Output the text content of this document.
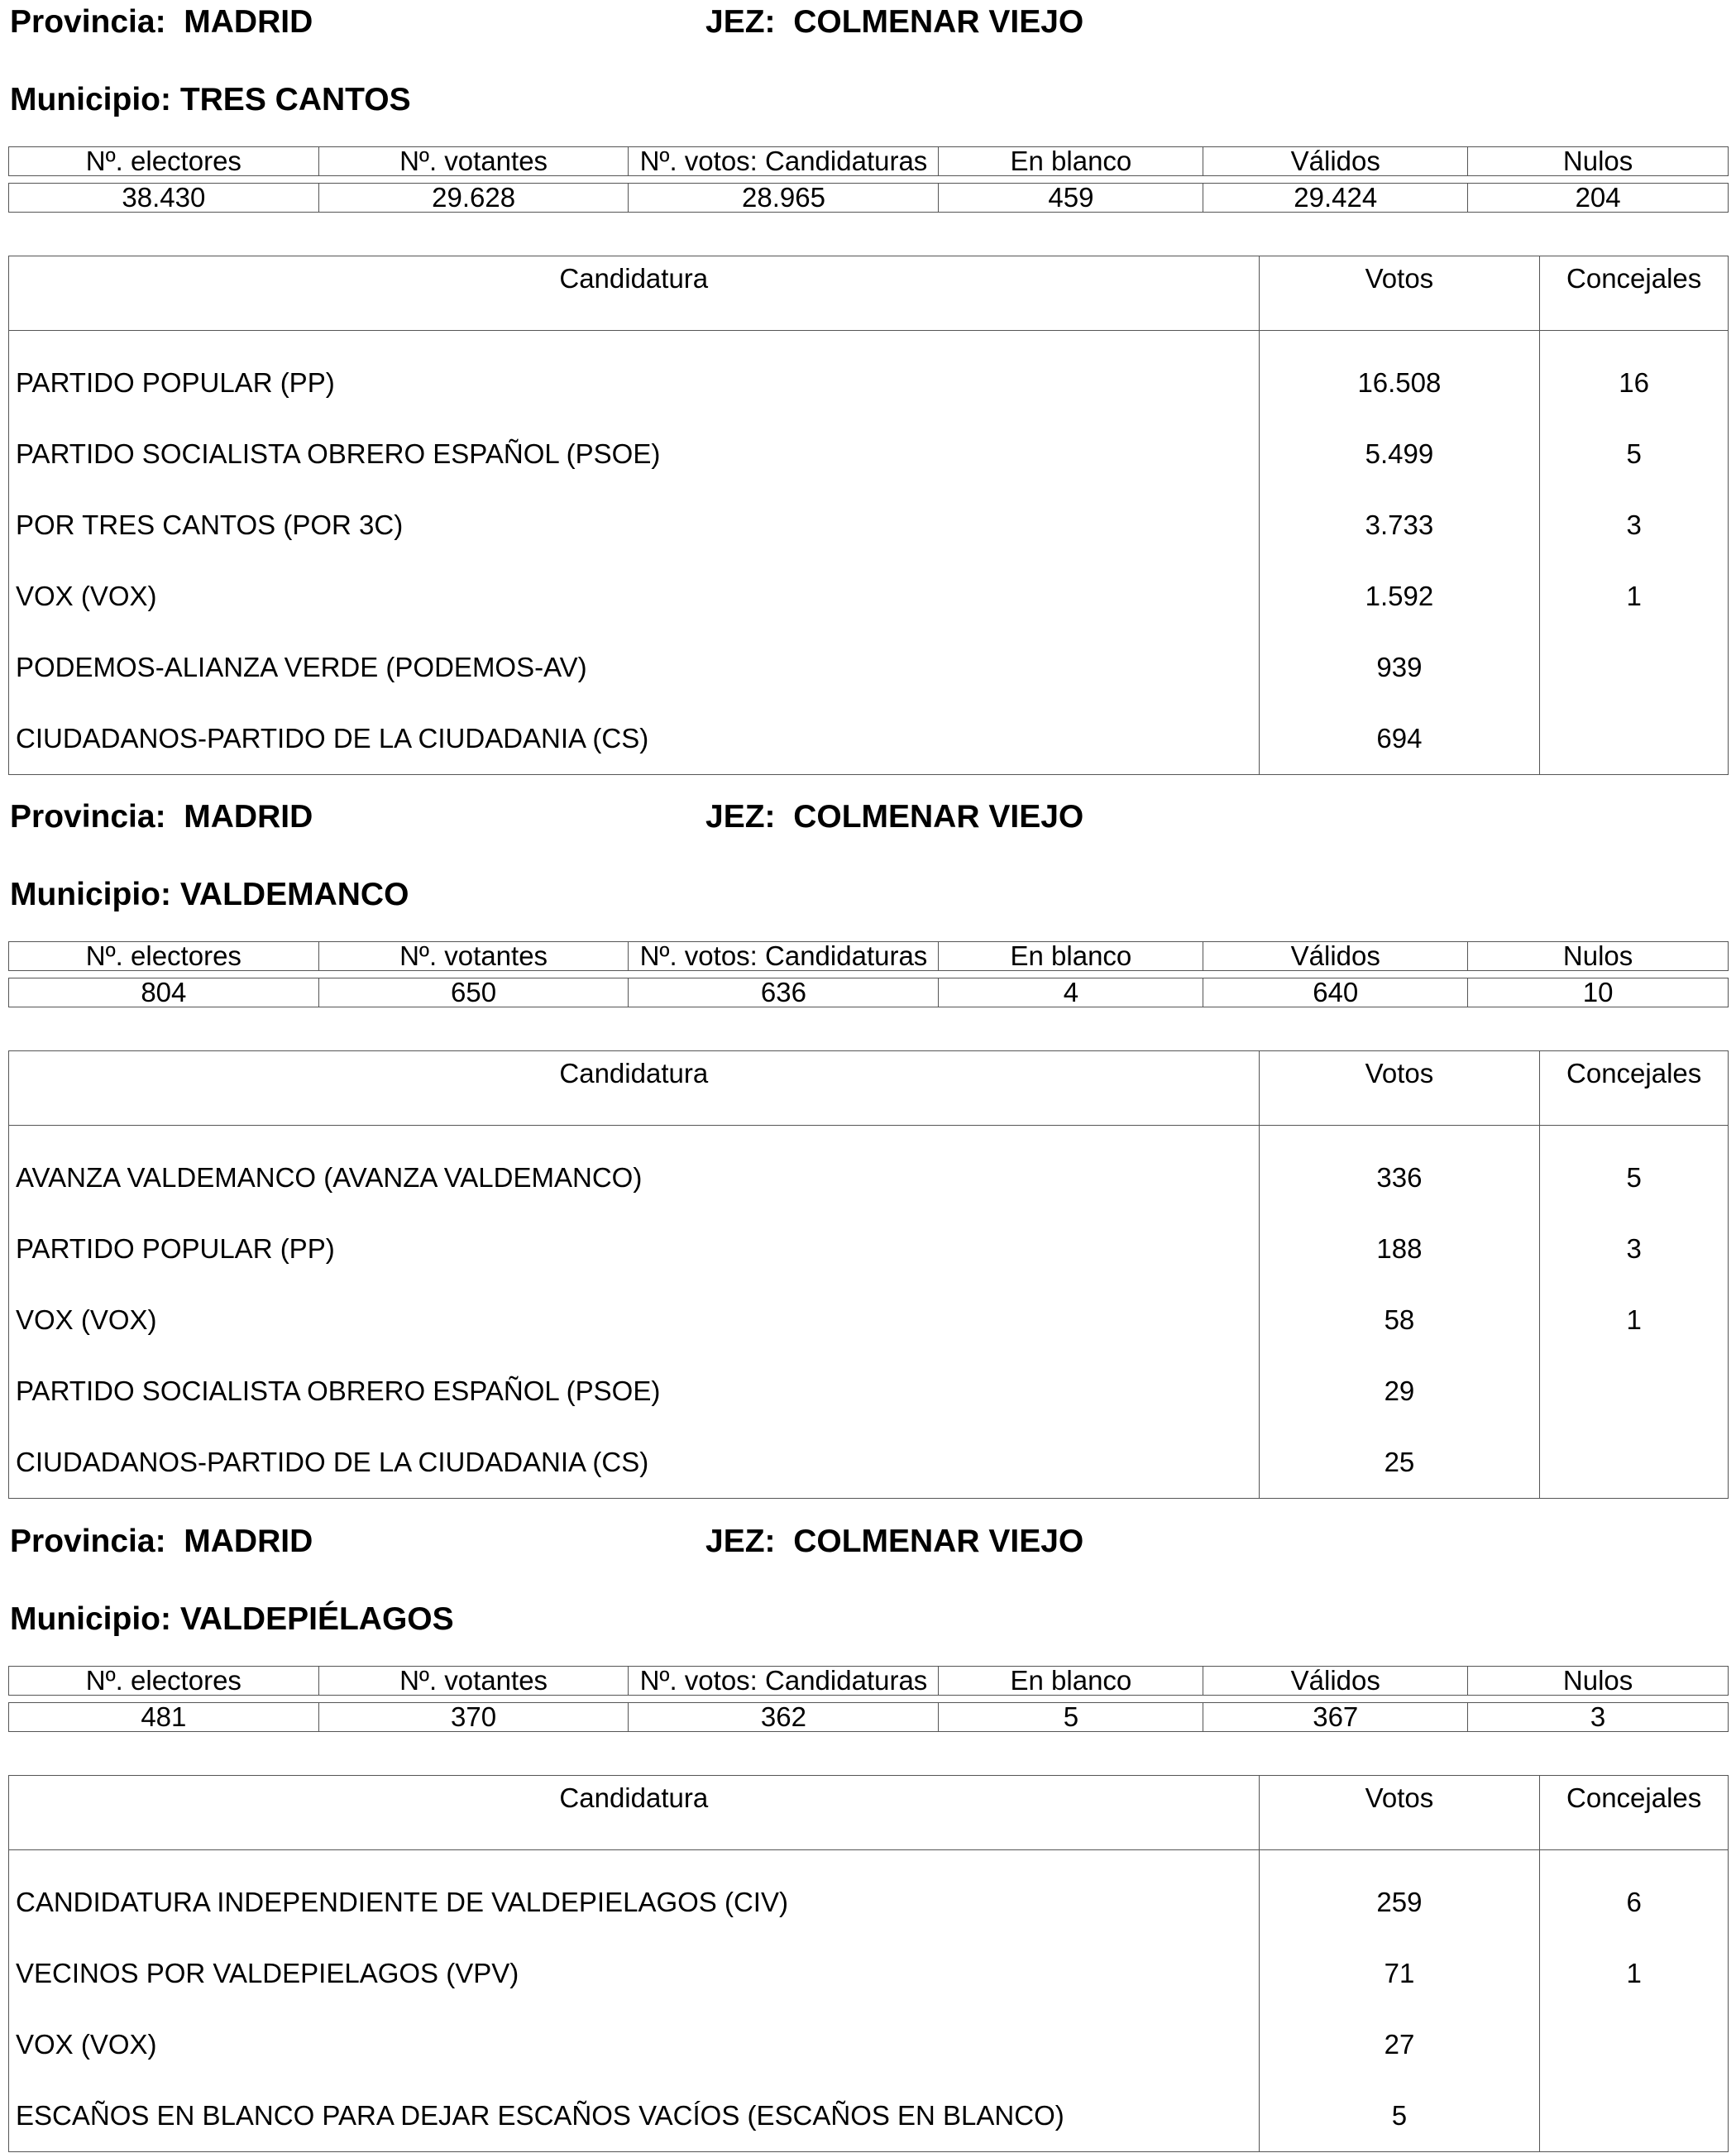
Provincia: MADRID	JEZ: COLMENAR VIEJO
Municipio: TRES CANTOS
Nº. electores	Nº. votantes	Nº. votos: Candidaturas	En blanco	Válidos	Nulos
38.430	29.628	28.965	459	29.424	204
Candidatura	Votos	Concejales
PARTIDO POPULAR (PP)	16.508	16
PARTIDO SOCIALISTA OBRERO ESPAÑOL (PSOE)	5.499	5
POR TRES CANTOS (POR 3C)	3.733	3
VOX (VOX)	1.592	1
PODEMOS-ALIANZA VERDE (PODEMOS-AV)	939	
CIUDADANOS-PARTIDO DE LA CIUDADANIA (CS)	694	
Provincia: MADRID	JEZ: COLMENAR VIEJO
Municipio: VALDEMANCO
Nº. electores	Nº. votantes	Nº. votos: Candidaturas	En blanco	Válidos	Nulos
804	650	636	4	640	10
Candidatura	Votos	Concejales
AVANZA VALDEMANCO (AVANZA VALDEMANCO)	336	5
PARTIDO POPULAR (PP)	188	3
VOX (VOX)	58	1
PARTIDO SOCIALISTA OBRERO ESPAÑOL (PSOE)	29	
CIUDADANOS-PARTIDO DE LA CIUDADANIA (CS)	25	
Provincia: MADRID	JEZ: COLMENAR VIEJO
Municipio: VALDEPIÉLAGOS
Nº. electores	Nº. votantes	Nº. votos: Candidaturas	En blanco	Válidos	Nulos
481	370	362	5	367	3
Candidatura	Votos	Concejales
CANDIDATURA INDEPENDIENTE DE VALDEPIELAGOS (CIV)	259	6
VECINOS POR VALDEPIELAGOS (VPV)	71	1
VOX (VOX)	27	
ESCAÑOS EN BLANCO PARA DEJAR ESCAÑOS VACÍOS (ESCAÑOS EN BLANCO)	5	
